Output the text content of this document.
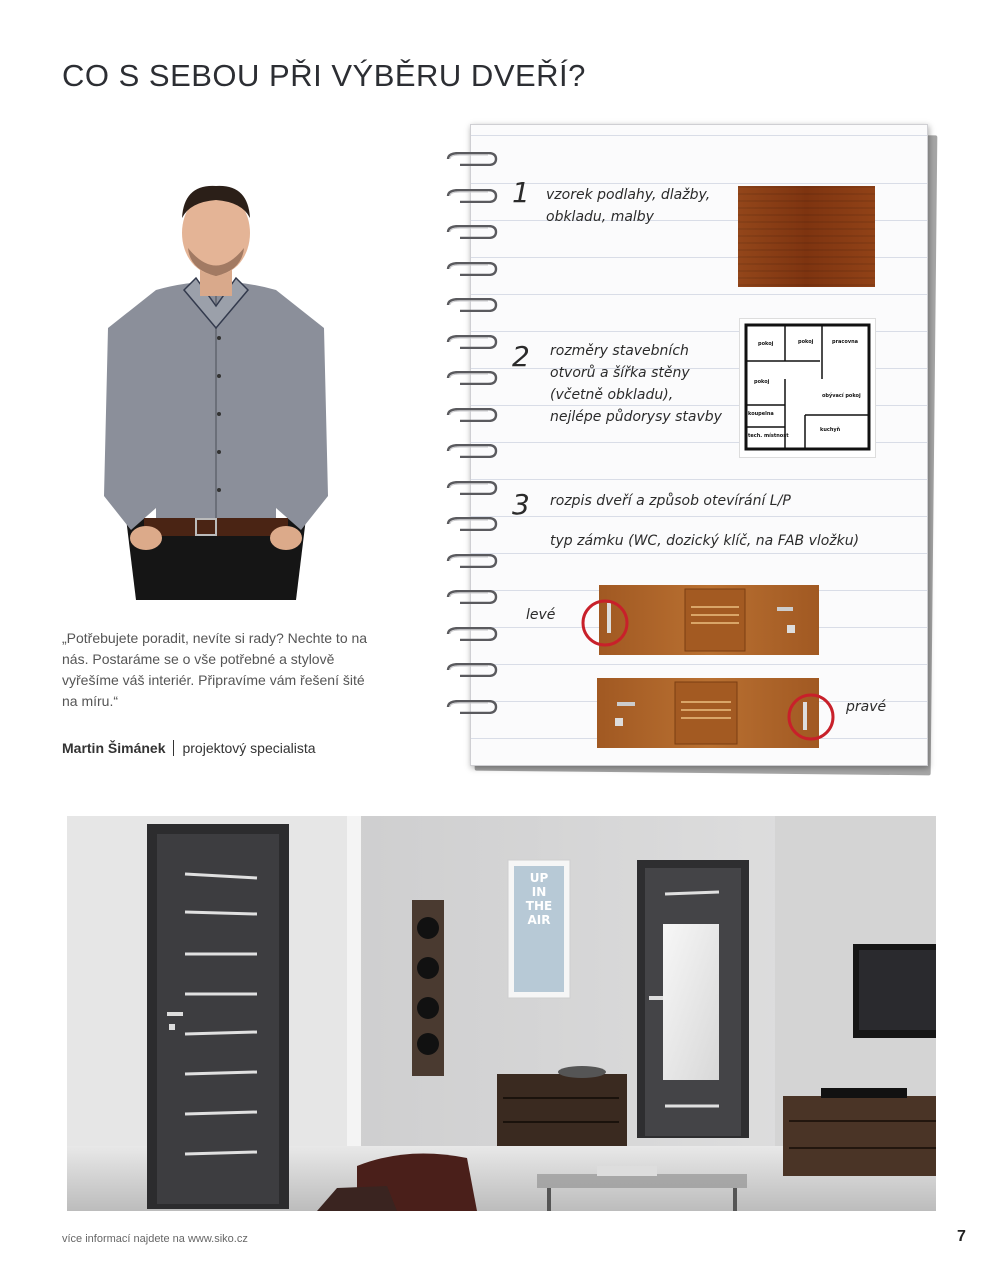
CO S SEBOU PŘI VÝBĚRU DVEŘÍ?
„Potřebujete poradit, nevíte si rady? Nechte to na nás. Postaráme se o vše potřebné a stylově vyřešíme váš interiér. Připravíme vám řešení šité na míru.“
Martin Šimánek projektový specialista
1 vzorek podlahy, dlažby,
obkladu, malby
2 rozměry stavebních
otvorů a šířka stěny
(včetně obkladu),
nejlépe půdorysy stavby
pokoj	pokoj	pracovna
pokoj
obývací pokoj
koupelna
kuchyň
tech. místnost
3 rozpis dveří a způsob otevírání L/P
typ zámku (WC, dozický klíč, na FAB vložku)
levé
pravé
UP
IN
THE
AIR
více informací najdete na www.siko.cz	7
